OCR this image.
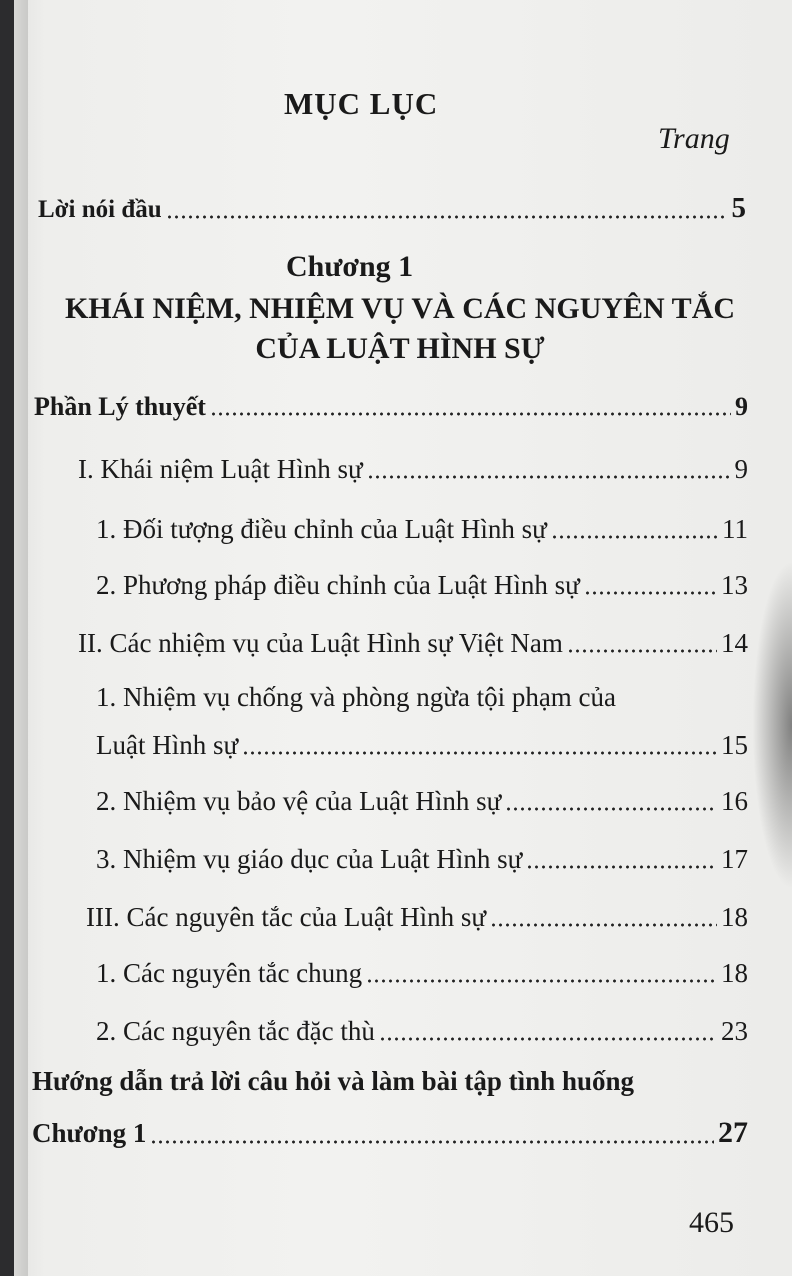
MỤC LỤC
Trang
Lời nói đầu	5
Chương 1
KHÁI NIỆM, NHIỆM VỤ VÀ CÁC NGUYÊN TẮC
CỦA LUẬT HÌNH SỰ
Phần Lý thuyết	9
I. Khái niệm Luật Hình sự	9
1. Đối tượng điều chỉnh của Luật Hình sự	11
2. Phương pháp điều chỉnh của Luật Hình sự	13
II. Các nhiệm vụ của Luật Hình sự Việt Nam	14
1. Nhiệm vụ chống và phòng ngừa tội phạm của
Luật Hình sự	15
2. Nhiệm vụ bảo vệ của Luật Hình sự	16
3. Nhiệm vụ giáo dục của Luật Hình sự	17
III. Các nguyên tắc của Luật Hình sự	18
1. Các nguyên tắc chung	18
2. Các nguyên tắc đặc thù	23
Hướng dẫn trả lời câu hỏi và làm bài tập tình huống
Chương 1	27
465
